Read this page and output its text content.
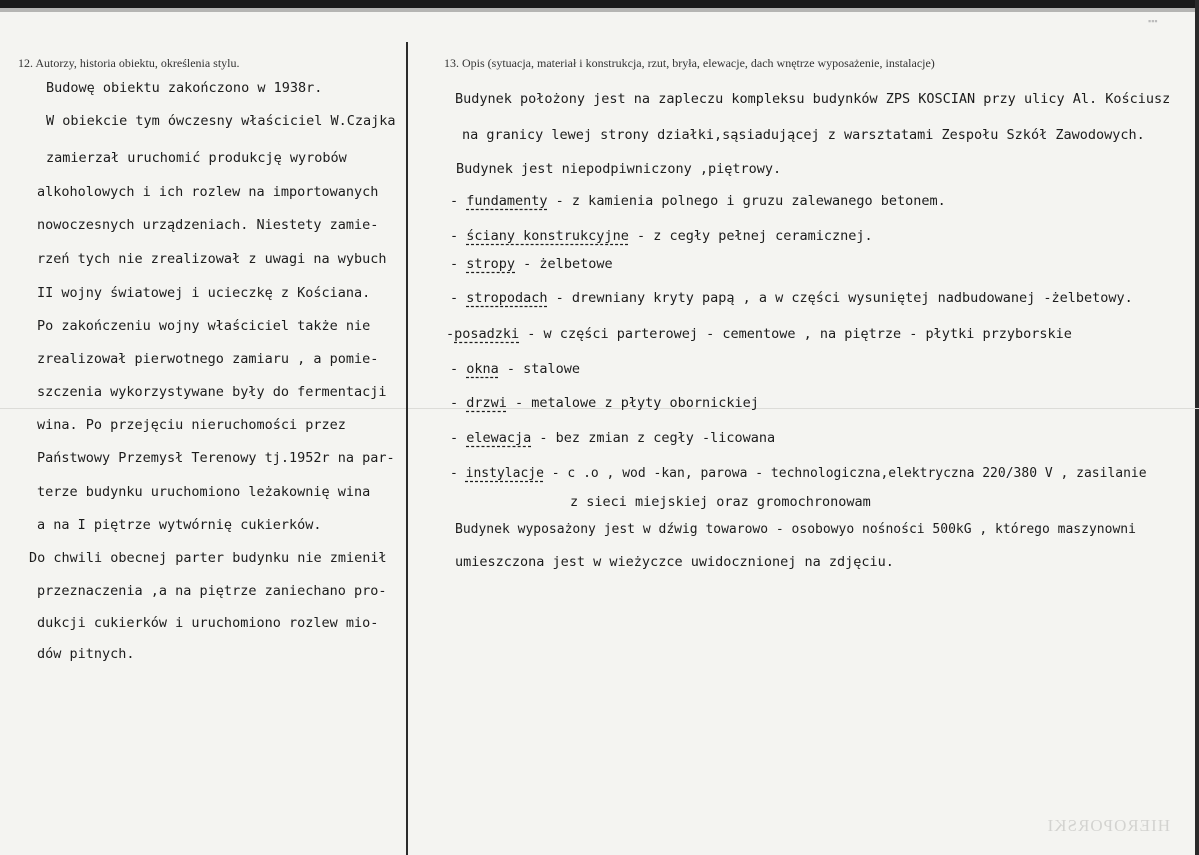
▪▪▪
12. Autorzy, historia obiektu, określenia stylu.	13. Opis (sytuacja, materiał i konstrukcja, rzut, bryła, elewacje, dach wnętrze wyposażenie, instalacje)
Budowę obiektu zakończono w 1938r.
W obiekcie tym ówczesny właściciel W.Czajka
zamierzał uruchomić produkcję wyrobów
alkoholowych i ich rozlew na importowanych
nowoczesnych urządzeniach. Niestety zamie-
rzeń tych nie zrealizował z uwagi na wybuch
II wojny światowej i ucieczkę z Kościana.
Po zakończeniu wojny właściciel także nie
zrealizował pierwotnego zamiaru , a pomie-
szczenia wykorzystywane były do fermentacji
wina. Po przejęciu nieruchomości przez
Państwowy Przemysł Terenowy tj.1952r na par-
terze budynku uruchomiono leżakownię wina
a na I piętrze wytwórnię cukierków.
Do chwili obecnej parter budynku nie zmienił
przeznaczenia ,a na piętrze zaniechano pro-
dukcji cukierków i uruchomiono rozlew mio-
dów pitnych.
Budynek położony jest na zapleczu kompleksu budynków ZPS KOSCIAN przy ulicy Al. Kościusz
na granicy lewej strony działki,sąsiadującej z warsztatami Zespołu Szkół Zawodowych.
Budynek jest niepodpiwniczony ,piętrowy.
- fundamenty - z kamienia polnego i gruzu zalewanego betonem.
- ściany konstrukcyjne - z cegły pełnej ceramicznej.
- stropy - żelbetowe
- stropodach - drewniany kryty papą , a w części wysuniętej nadbudowanej -żelbetowy.
-posadzki - w części parterowej - cementowe , na piętrze - płytki przyborskie
- okna - stalowe
- drzwi - metalowe z płyty obornickiej
- elewacja - bez zmian z cegły -licowana
- instylacje - c .o , wod -kan, parowa - technologiczna,elektryczna 220/380 V , zasilanie
z sieci miejskiej oraz gromochronowam
Budynek wyposażony jest w dźwig towarowo - osobowyo nośności 500kG , którego maszynowni
umieszczona jest w wieżyczce uwidocznionej na zdjęciu.
HIEROPORSKI
